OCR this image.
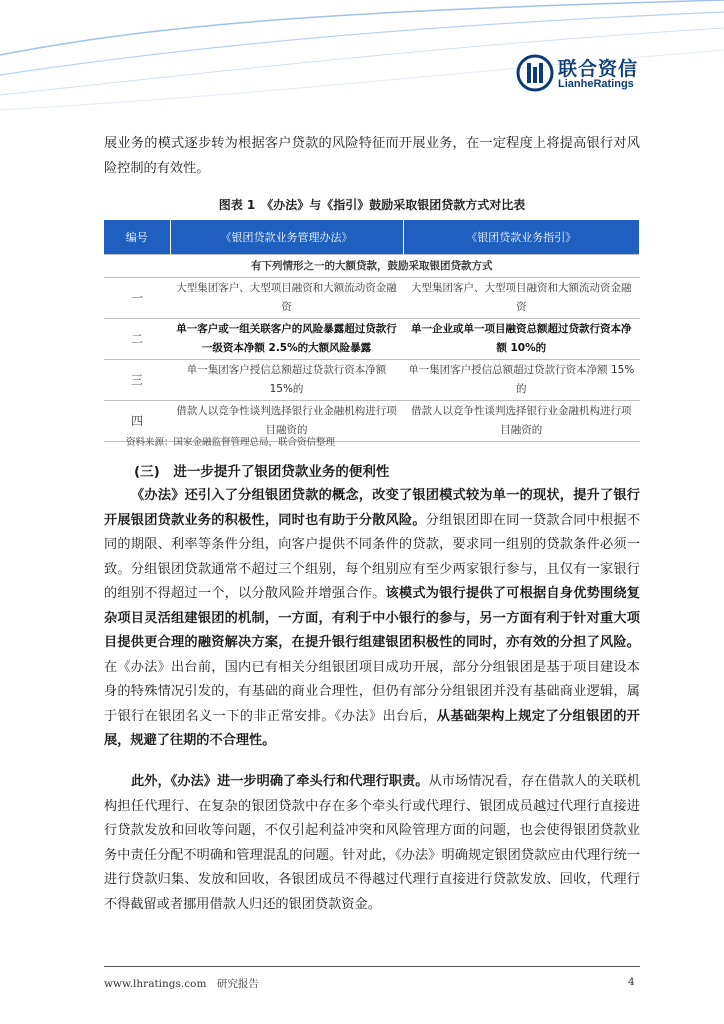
联合资信
LianheRatings

展业务的模式逐步转为根据客户贷款的风险特征而开展业务，在一定程度上将提高银行对风险控制的有效性。

图表 1　《办法》与《指引》鼓励采取银团贷款方式对比表
编号	《银团贷款业务管理办法》	《银团贷款业务指引》
有下列情形之一的大额贷款，鼓励采取银团贷款方式		
一	大型集团客户、大型项目融资和大额流动资金融资	大型集团客户、大型项目融资和大额流动资金融资
二	单一客户或一组关联客户的风险暴露超过贷款行一级资本净额 2.5%的大额风险暴露	单一企业或单一项目融资总额超过贷款行资本净额 10%的
三	单一集团客户授信总额超过贷款行资本净额 15%的	单一集团客户授信总额超过贷款行资本净额 15%的
四	借款人以竞争性谈判选择银行业金融机构进行项目融资的	借款人以竞争性谈判选择银行业金融机构进行项目融资的
资料来源：国家金融监督管理总局，联合资信整理
(三)　进一步提升了银团贷款业务的便利性

《办法》还引入了分组银团贷款的概念，改变了银团模式较为单一的现状，提升了银行开展银团贷款业务的积极性，同时也有助于分散风险。分组银团即在同一贷款合同中根据不同的期限、利率等条件分组，向客户提供不同条件的贷款，要求同一组别的贷款条件必须一致。分组银团贷款通常不超过三个组别，每个组别应有至少两家银行参与，且仅有一家银行的组别不得超过一个，以分散风险并增强合作。该模式为银行提供了可根据自身优势围绕复杂项目灵活组建银团的机制，一方面，有利于中小银行的参与，另一方面有利于针对重大项目提供更合理的融资解决方案，在提升银行组建银团积极性的同时，亦有效的分担了风险。在《办法》出台前，国内已有相关分组银团项目成功开展，部分分组银团是基于项目建设本身的特殊情况引发的，有基础的商业合理性，但仍有部分分组银团并没有基础商业逻辑，属于银行在银团名义一下的非正常安排。《办法》出台后，从基础架构上规定了分组银团的开展，规避了往期的不合理性。

此外，《办法》进一步明确了牵头行和代理行职责。从市场情况看，存在借款人的关联机构担任代理行、在复杂的银团贷款中存在多个牵头行或代理行、银团成员越过代理行直接进行贷款发放和回收等问题，不仅引起利益冲突和风险管理方面的问题，也会使得银团贷款业务中责任分配不明确和管理混乱的问题。针对此，《办法》明确规定银团贷款应由代理行统一进行贷款归集、发放和回收，各银团成员不得越过代理行直接进行贷款发放、回收，代理行不得截留或者挪用借款人归还的银团贷款资金。

www.lhratings.com　研究报告	4
